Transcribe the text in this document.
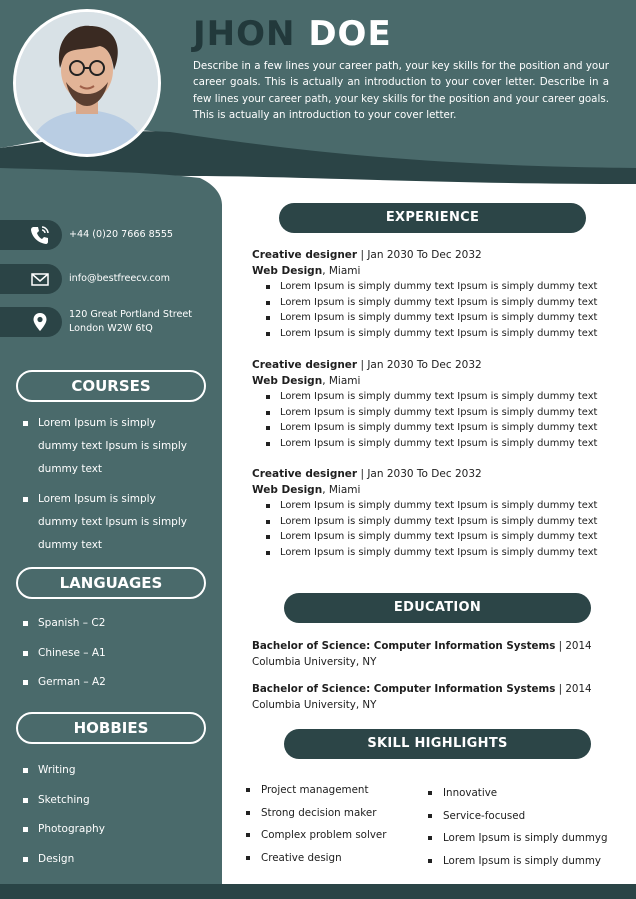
JHON DOE
Describe in a few lines your career path, your key skills for the position and your career goals. This is actually an introduction to your cover letter. Describe in a few lines your career path, your key skills for the position and your career goals. This is actually an introduction to your cover letter.
+44 (0)20 7666 8555
info@bestfreecv.com
120 Great Portland Street
London W2W 6tQ
COURSES
Lorem Ipsum is simply dummy text Ipsum is simply dummy text
Lorem Ipsum is simply dummy text Ipsum is simply dummy text
LANGUAGES
Spanish – C2
Chinese – A1
German – A2
HOBBIES
Writing
Sketching
Photography
Design
EXPERIENCE
Creative designer | Jan 2030 To Dec 2032
Web Design, Miami
Lorem Ipsum is simply dummy text Ipsum is simply dummy text
Lorem Ipsum is simply dummy text Ipsum is simply dummy text
Lorem Ipsum is simply dummy text Ipsum is simply dummy text
Lorem Ipsum is simply dummy text Ipsum is simply dummy text
Creative designer | Jan 2030 To Dec 2032
Web Design, Miami
Lorem Ipsum is simply dummy text Ipsum is simply dummy text
Lorem Ipsum is simply dummy text Ipsum is simply dummy text
Lorem Ipsum is simply dummy text Ipsum is simply dummy text
Lorem Ipsum is simply dummy text Ipsum is simply dummy text
Creative designer | Jan 2030 To Dec 2032
Web Design, Miami
Lorem Ipsum is simply dummy text Ipsum is simply dummy text
Lorem Ipsum is simply dummy text Ipsum is simply dummy text
Lorem Ipsum is simply dummy text Ipsum is simply dummy text
Lorem Ipsum is simply dummy text Ipsum is simply dummy text
EDUCATION
Bachelor of Science: Computer Information Systems | 2014
Columbia University, NY
Bachelor of Science: Computer Information Systems | 2014
Columbia University, NY
SKILL HIGHLIGHTS
Project management
Strong decision maker
Complex problem solver
Creative design
Innovative
Service-focused
Lorem Ipsum is simply dummyg
Lorem Ipsum is simply dummy
